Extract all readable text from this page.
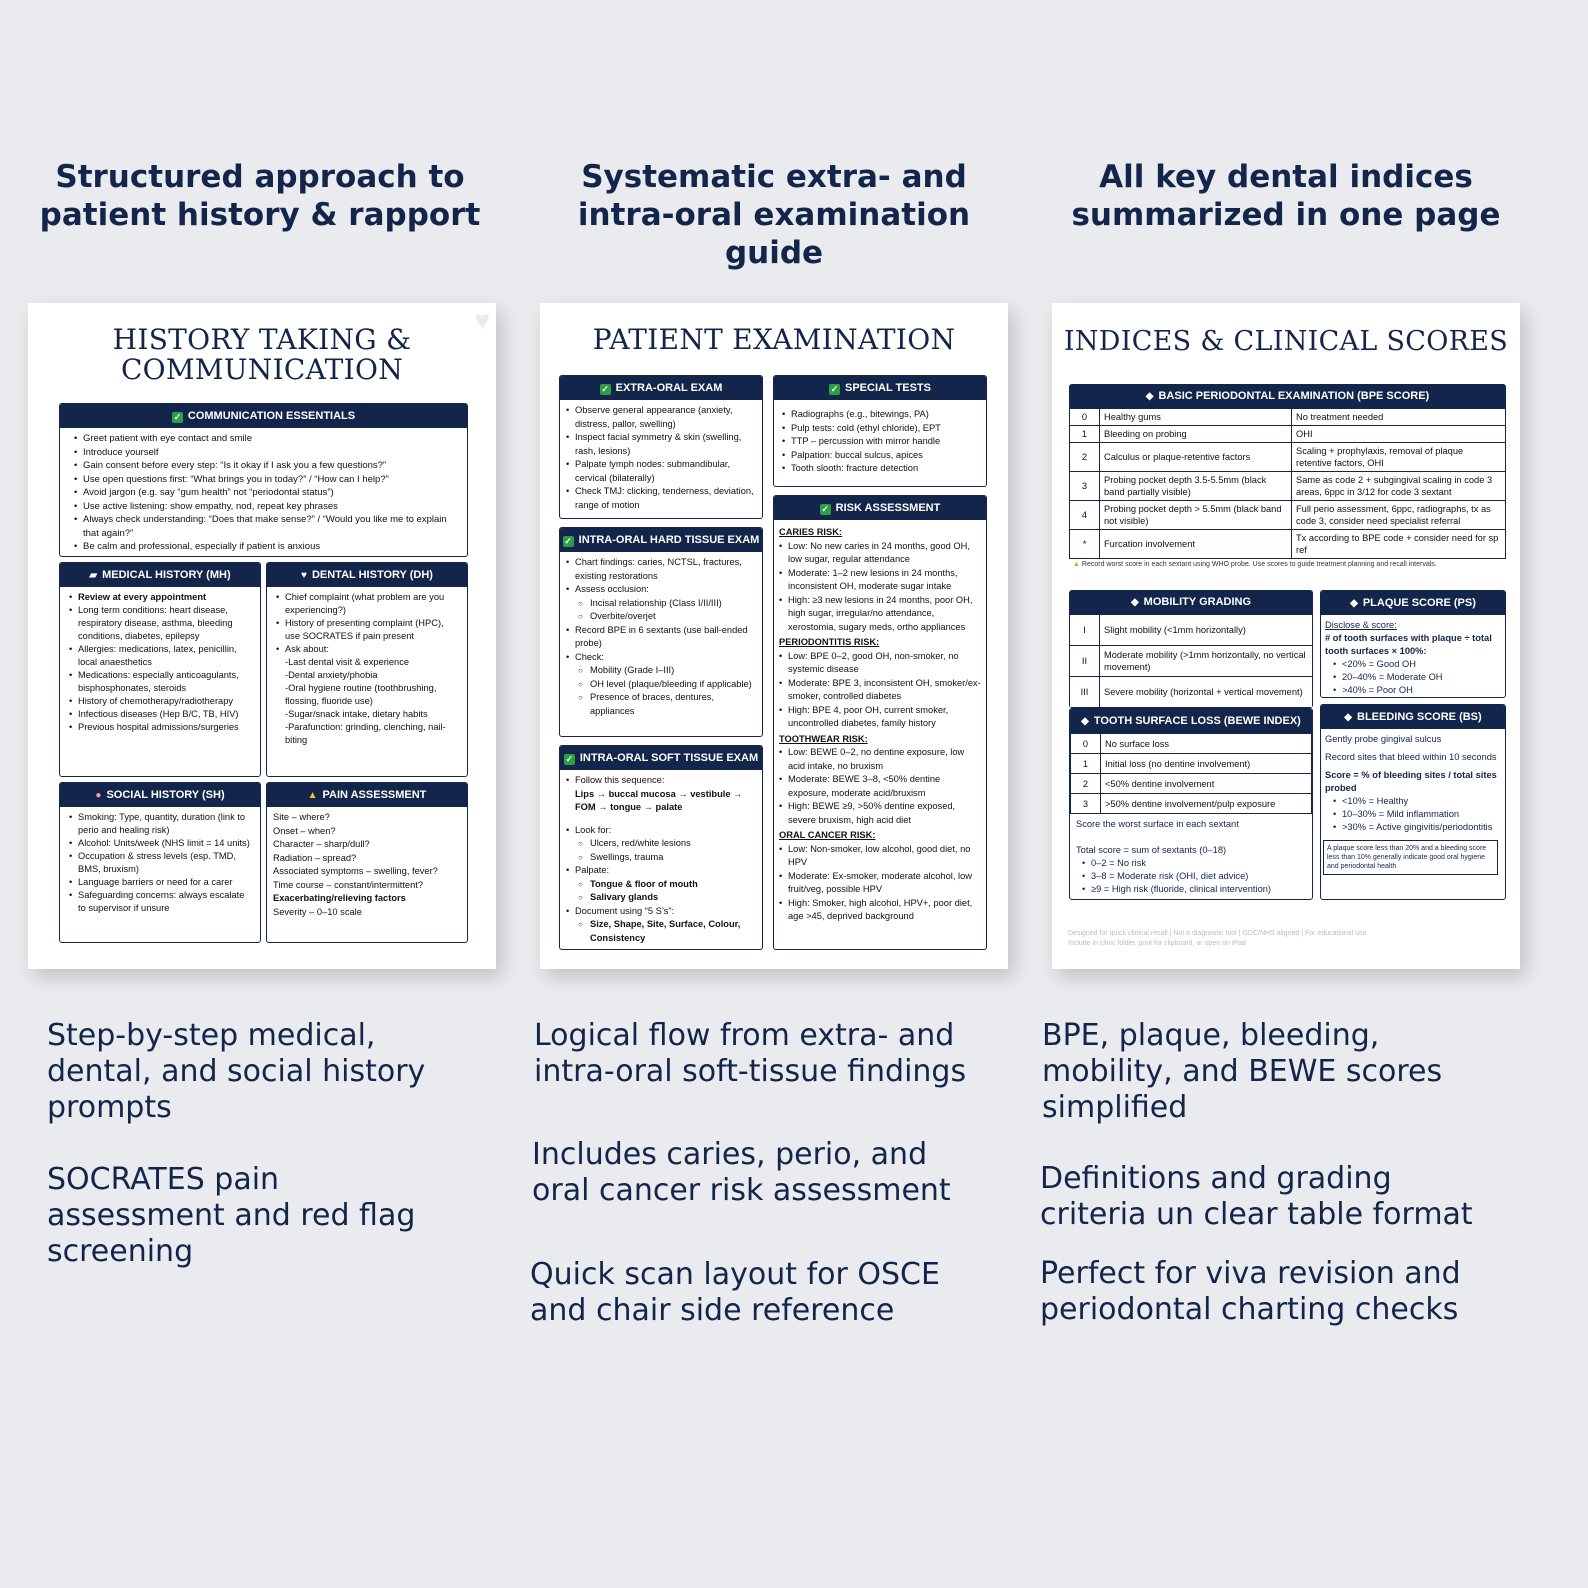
Structured approach to
patient history & rapport
Systematic extra- and
intra-oral examination
guide
All key dental indices
summarized in one page
♥
HISTORY TAKING &
COMMUNICATION
✓ COMMUNICATION ESSENTIALS
• Greet patient with eye contact and smile
• Introduce yourself
• Gain consent before every step: “Is it okay if I ask you a few questions?”
• Use open questions first: “What brings you in today?” / “How can I help?”
• Avoid jargon (e.g. say “gum health” not “periodontal status”)
• Use active listening: show empathy, nod, repeat key phrases
• Always check understanding: “Does that make sense?” / “Would you like me to explain that again?”
• Be calm and professional, especially if patient is anxious
▰ MEDICAL HISTORY (MH)
• Review at every appointment
• Long term conditions: heart disease, respiratory disease, asthma, bleeding conditions, diabetes, epilepsy
• Allergies: medications, latex, penicillin, local anaesthetics
• Medications: especially anticoagulants, bisphosphonates, steroids
• History of chemotherapy/radiotherapy
• Infectious diseases (Hep B/C, TB, HIV)
• Previous hospital admissions/surgeries
♥ DENTAL HISTORY (DH)
• Chief complaint (what problem are you experiencing?)
• History of presenting complaint (HPC), use SOCRATES if pain present
• Ask about:
-Last dental visit & experience
-Dental anxiety/phobia
-Oral hygiene routine (toothbrushing, flossing, fluoride use)
-Sugar/snack intake, dietary habits
-Parafunction: grinding, clenching, nail-biting
● SOCIAL HISTORY (SH)
• Smoking: Type, quantity, duration (link to perio and healing risk)
• Alcohol: Units/week (NHS limit = 14 units)
• Occupation & stress levels (esp. TMD, BMS, bruxism)
• Language barriers or need for a carer
• Safeguarding concerns: always escalate to supervisor if unsure
▲ PAIN ASSESSMENT
Site – where?
Onset – when?
Character – sharp/dull?
Radiation – spread?
Associated symptoms – swelling, fever?
Time course – constant/intermittent?
Exacerbating/relieving factors
Severity – 0–10 scale
PATIENT EXAMINATION
✓ EXTRA-ORAL EXAM
• Observe general appearance (anxiety, distress, pallor, swelling)
• Inspect facial symmetry & skin (swelling, rash, lesions)
• Palpate lymph nodes: submandibular, cervical (bilaterally)
• Check TMJ: clicking, tenderness, deviation, range of motion
✓ SPECIAL TESTS
• Radiographs (e.g., bitewings, PA)
• Pulp tests: cold (ethyl chloride), EPT
• TTP – percussion with mirror handle
• Palpation: buccal sulcus, apices
• Tooth slooth: fracture detection
✓ INTRA-ORAL HARD TISSUE EXAM
• Chart findings: caries, NCTSL, fractures, existing restorations
• Assess occlusion:
○ Incisal relationship (Class I/II/III)
○ Overbite/overjet
• Record BPE in 6 sextants (use ball-ended probe)
• Check:
○ Mobility (Grade I–III)
○ OH level (plaque/bleeding if applicable)
○ Presence of braces, dentures, appliances
✓ INTRA-ORAL SOFT TISSUE EXAM
• Follow this sequence:
Lips → buccal mucosa → vestibule → FOM → tongue → palate
• Look for:
○ Ulcers, red/white lesions
○ Swellings, trauma
• Palpate:
○ Tongue & floor of mouth
○ Salivary glands
• Document using “5 S’s”:
○ Size, Shape, Site, Surface, Colour, Consistency
✓ RISK ASSESSMENT
CARIES RISK:
• Low: No new caries in 24 months, good OH, low sugar, regular attendance
• Moderate: 1–2 new lesions in 24 months, inconsistent OH, moderate sugar intake
• High: ≥3 new lesions in 24 months, poor OH, high sugar, irregular/no attendance, xerostomia, sugary meds, ortho appliances
PERIODONTITIS RISK:
• Low: BPE 0–2, good OH, non-smoker, no systemic disease
• Moderate: BPE 3, inconsistent OH, smoker/ex-smoker, controlled diabetes
• High: BPE 4, poor OH, current smoker, uncontrolled diabetes, family history
TOOTHWEAR RISK:
• Low: BEWE 0–2, no dentine exposure, low acid intake, no bruxism
• Moderate: BEWE 3–8, <50% dentine exposure, moderate acid/bruxism
• High: BEWE ≥9, >50% dentine exposed, severe bruxism, high acid diet
ORAL CANCER RISK:
• Low: Non-smoker, low alcohol, good diet, no HPV
• Moderate: Ex-smoker, moderate alcohol, low fruit/veg, possible HPV
• High: Smoker, high alcohol, HPV+, poor diet, age >45, deprived background
INDICES & CLINICAL SCORES
◆ BASIC PERIODONTAL EXAMINATION (BPE SCORE)
0	Healthy gums	No treatment needed
1	Bleeding on probing	OHI
2	Calculus or plaque-retentive factors	Scaling + prophylaxis, removal of plaque retentive factors, OHI
3	Probing pocket depth 3.5-5.5mm (black band partially visible)	Same as code 2 + subgingival scaling in code 3 areas, 6ppc in 3/12 for code 3 sextant
4	Probing pocket depth > 5.5mm (black band not visible)	Full perio assessment, 6ppc, radiographs, tx as code 3, consider need specialist referral
*	Furcation involvement	Tx according to BPE code + consider need for sp ref
▲ Record worst score in each sextant using WHO probe. Use scores to guide treatment planning and recall intervals.
◆ MOBILITY GRADING
I	Slight mobility (<1mm horizontally)
II	Moderate mobility (>1mm horizontally, no vertical movement)
III	Severe mobility (horizontal + vertical movement)
◆ PLAQUE SCORE (PS)
Disclose & score:
# of tooth surfaces with plaque ÷ total tooth surfaces × 100%:
• <20% = Good OH
• 20–40% = Moderate OH
• >40% = Poor OH
◆ TOOTH SURFACE LOSS (BEWE INDEX)
0	No surface loss
1	Initial loss (no dentine involvement)
2	<50% dentine involvement
3	>50% dentine involvement/pulp exposure
Score the worst surface in each sextant
Total score = sum of sextants (0–18)
• 0–2 = No risk
• 3–8 = Moderate risk (OHI, diet advice)
• ≥9 = High risk (fluoride, clinical intervention)
◆ BLEEDING SCORE (BS)
Gently probe gingival sulcus
Record sites that bleed within 10 seconds
Score = % of bleeding sites / total sites probed
• <10% = Healthy
• 10–30% = Mild inflammation
• >30% = Active gingivitis/periodontitis
A plaque score less than 20% and a bleeding score less than 10% generally indicate good oral hygiene and periodontal health
Designed for quick clinical recall | Not a diagnostic tool | GDC/NHS aligned | For educational use
Include in clinic folder, print for clipboard, or open on iPad
Step-by-step medical,
dental, and social history
prompts
SOCRATES pain
assessment and red flag
screening
Logical flow from extra- and
intra-oral soft-tissue findings
Includes caries, perio, and
oral cancer risk assessment
Quick scan layout for OSCE
and chair side reference
BPE, plaque, bleeding,
mobility, and BEWE scores
simplified
Definitions and grading
criteria un clear table format
Perfect for viva revision and
periodontal charting checks
